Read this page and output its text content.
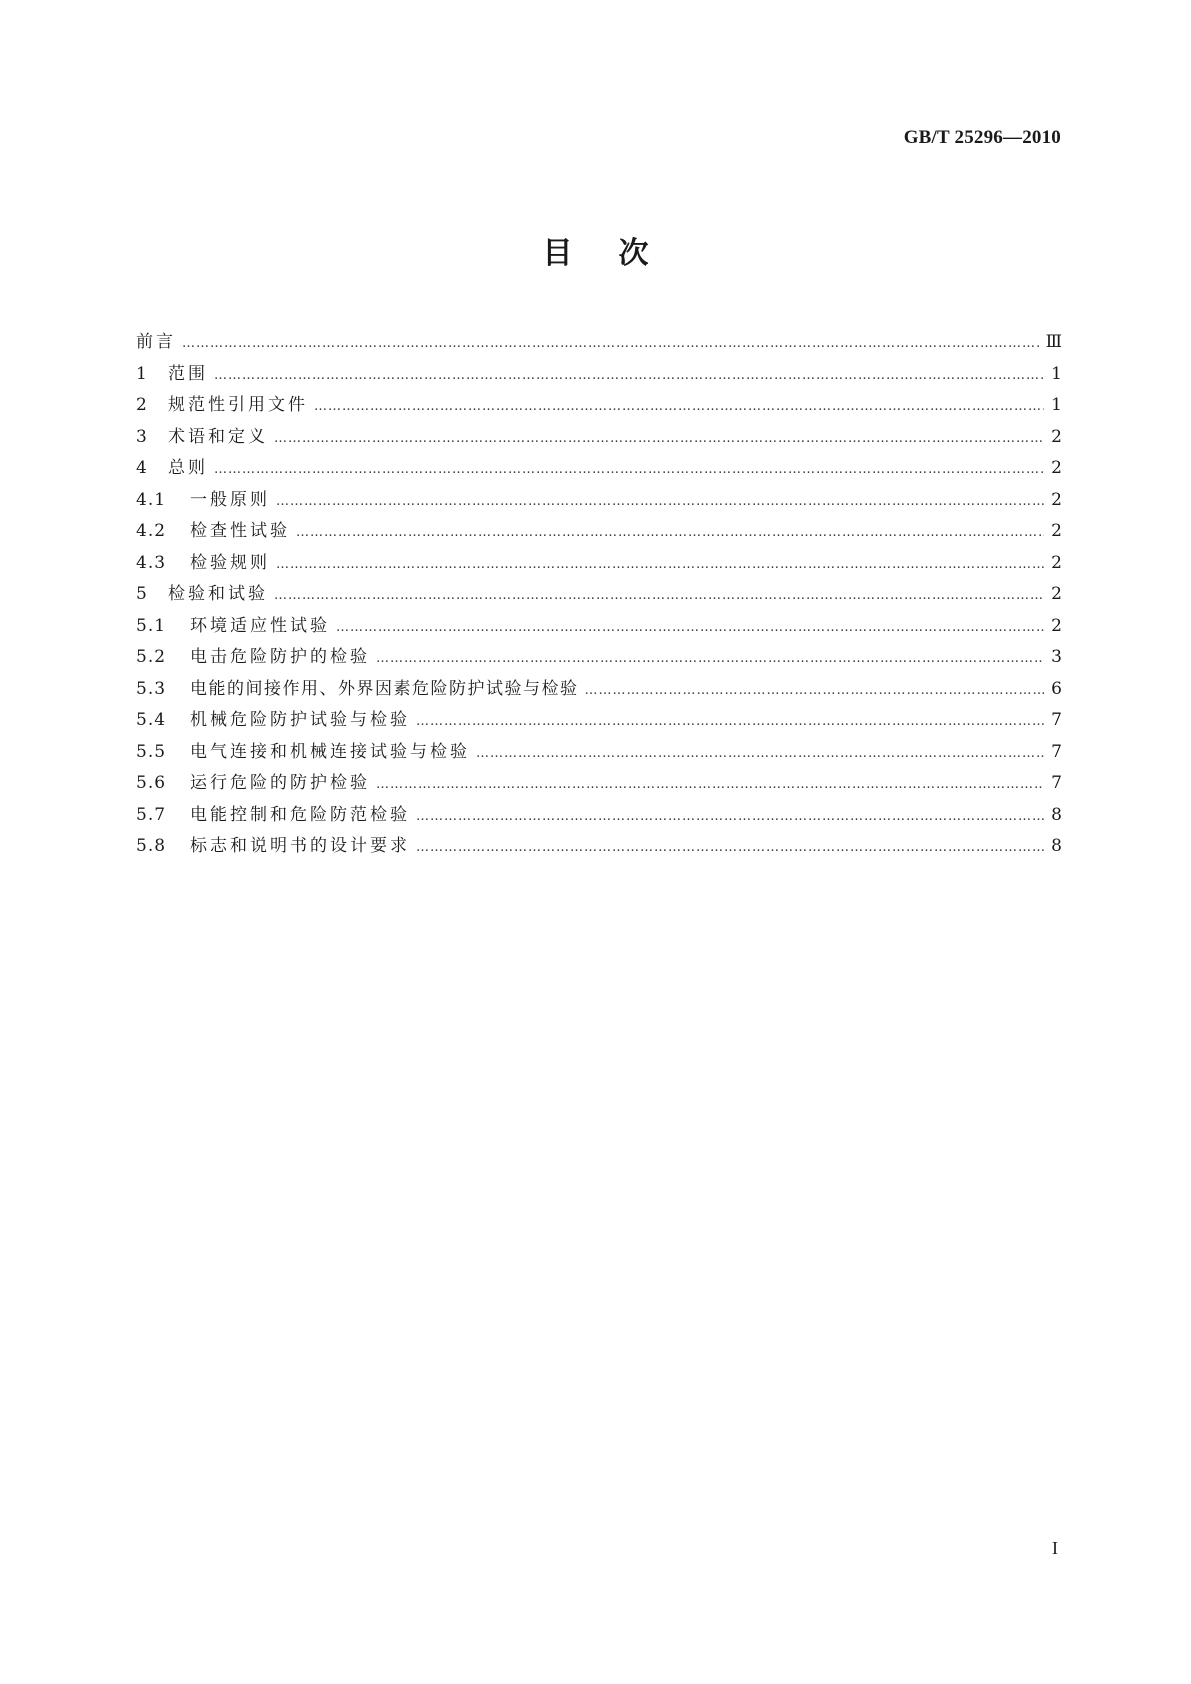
GB/T 25296—2010
目次
前言 ……………………………………………………………………………………………………………………………………………………………………………………………………	Ⅲ
1	范围 ……………………………………………………………………………………………………………………………………………………………………………………………………	1
2	规范性引用文件 ……………………………………………………………………………………………………………………………………………………………………………………………………	1
3	术语和定义 ……………………………………………………………………………………………………………………………………………………………………………………………………	2
4	总则 ……………………………………………………………………………………………………………………………………………………………………………………………………	2
4.1	一般原则 ……………………………………………………………………………………………………………………………………………………………………………………………………	2
4.2	检查性试验 ……………………………………………………………………………………………………………………………………………………………………………………………………	2
4.3	检验规则 ……………………………………………………………………………………………………………………………………………………………………………………………………	2
5	检验和试验 ……………………………………………………………………………………………………………………………………………………………………………………………………	2
5.1	环境适应性试验 ……………………………………………………………………………………………………………………………………………………………………………………………………	2
5.2	电击危险防护的检验 ……………………………………………………………………………………………………………………………………………………………………………………………………	3
5.3	电能的间接作用、外界因素危险防护试验与检验 ……………………………………………………………………………………………………………………………………………………………………………………………………	6
5.4	机械危险防护试验与检验 ……………………………………………………………………………………………………………………………………………………………………………………………………	7
5.5	电气连接和机械连接试验与检验 ……………………………………………………………………………………………………………………………………………………………………………………………………	7
5.6	运行危险的防护检验 ……………………………………………………………………………………………………………………………………………………………………………………………………	7
5.7	电能控制和危险防范检验 ……………………………………………………………………………………………………………………………………………………………………………………………………	8
5.8	标志和说明书的设计要求 ……………………………………………………………………………………………………………………………………………………………………………………………………	8
I
